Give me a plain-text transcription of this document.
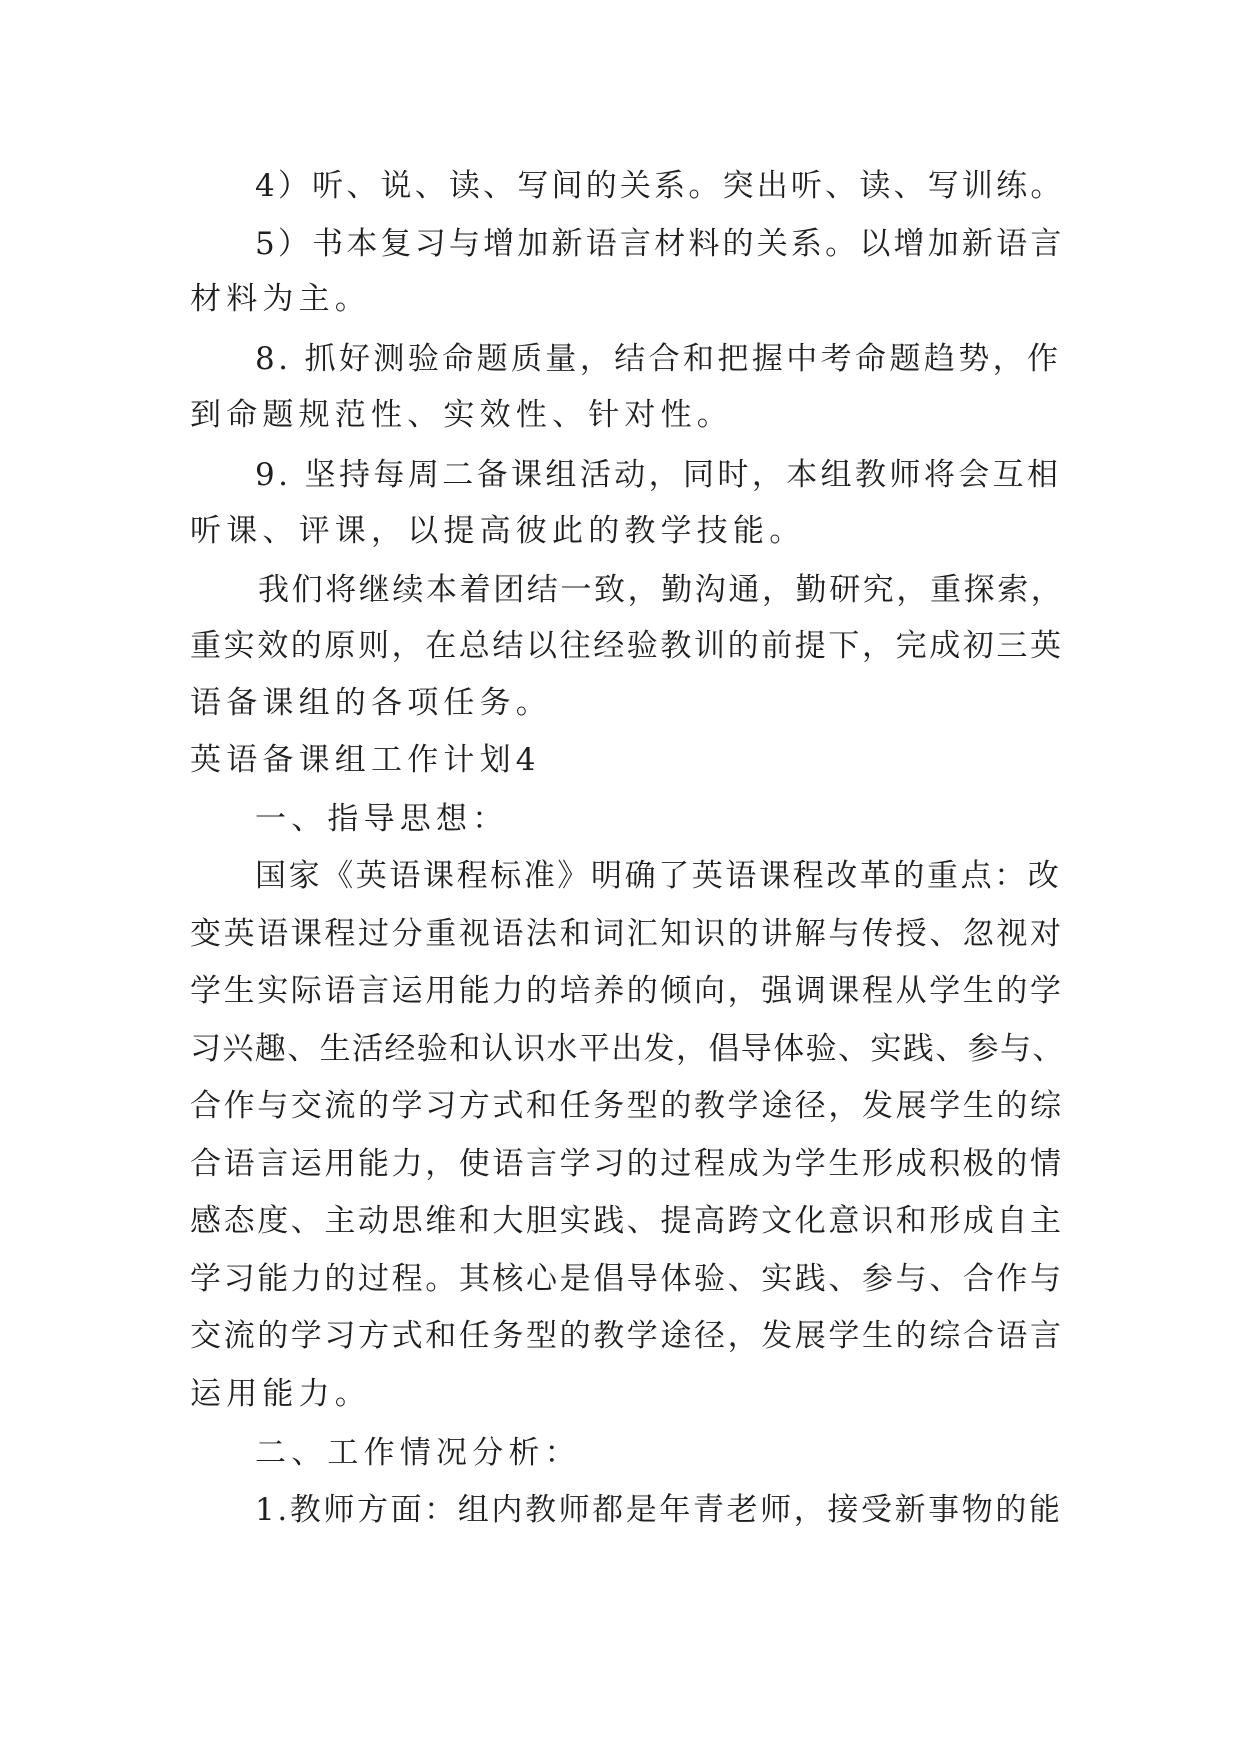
4）听、说、读、写间的关系。突出听、读、写训练。
5）书本复习与增加新语言材料的关系。以增加新语言
材料为主。
8. 抓好测验命题质量，结合和把握中考命题趋势，作
到命题规范性、实效性、针对性。
9. 坚持每周二备课组活动，同时，本组教师将会互相
听课、评课，以提高彼此的教学技能。
我们将继续本着团结一致，勤沟通，勤研究，重探索，
重实效的原则，在总结以往经验教训的前提下，完成初三英
语备课组的各项任务。
英语备课组工作计划4
一、指导思想：
国家《英语课程标准》明确了英语课程改革的重点：改
变英语课程过分重视语法和词汇知识的讲解与传授、忽视对
学生实际语言运用能力的培养的倾向，强调课程从学生的学
习兴趣、生活经验和认识水平出发，倡导体验、实践、参与、
合作与交流的学习方式和任务型的教学途径，发展学生的综
合语言运用能力，使语言学习的过程成为学生形成积极的情
感态度、主动思维和大胆实践、提高跨文化意识和形成自主
学习能力的过程。其核心是倡导体验、实践、参与、合作与
交流的学习方式和任务型的教学途径，发展学生的综合语言
运用能力。
二、工作情况分析：
1.教师方面：组内教师都是年青老师，接受新事物的能
